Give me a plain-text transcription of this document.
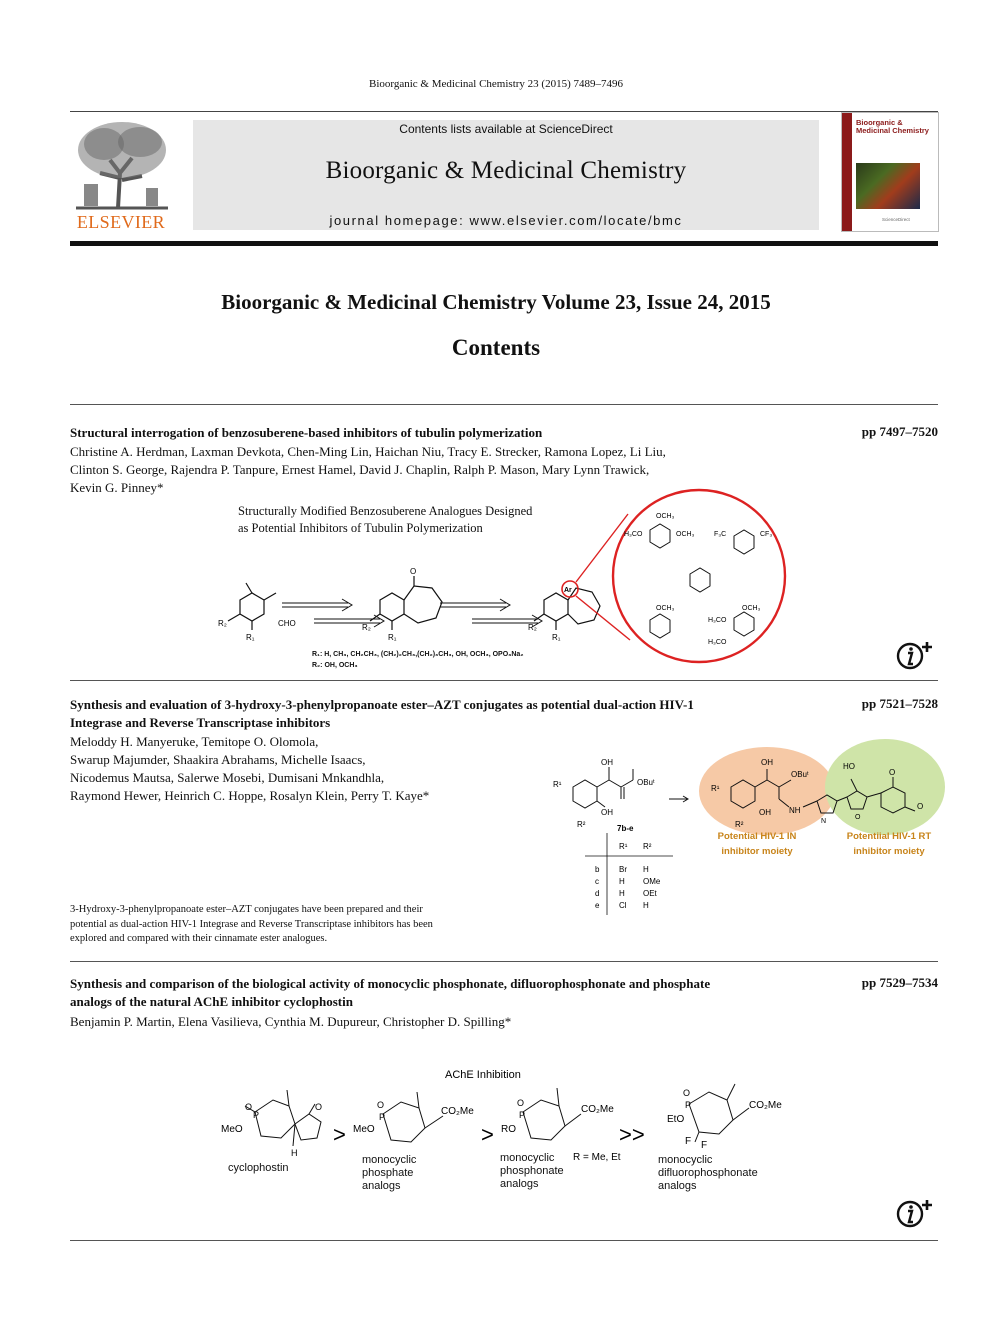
Bioorganic & Medicinal Chemistry 23 (2015) 7489–7496
ELSEVIER
Contents lists available at ScienceDirect
Bioorganic & Medicinal Chemistry
journal homepage: www.elsevier.com/locate/bmc
Bioorganic & Medicinal Chemistry
ScienceDirect
Bioorganic & Medicinal Chemistry Volume 23, Issue 24, 2015
Contents
Structural interrogation of benzosuberene-based inhibitors of tubulin polymerization	pp 7497–7520
Christine A. Herdman, Laxman Devkota, Chen-Ming Lin, Haichan Niu, Tracy E. Strecker, Ramona Lopez, Li Liu,
Clinton S. George, Rajendra P. Tanpure, Ernest Hamel, David J. Chaplin, Ralph P. Mason, Mary Lynn Trawick,
Kevin G. Pinney*
Structurally Modified Benzosuberene Analogues Designed
as Potential Inhibitors of Tubulin Polymerization
CHO
R₂
R₁
O
R₂
R₁
R₂
R₁
Ar
OCH₃
H₃CO	OCH₃	F₃C	CF₃
OCH₃	OCH₃
H₃CO
H₃CO
R₁: H, CH₃, CH₂CH₃, (CH₂)₂CH₃,(CH₂)₃CH₃, OH, OCH₃, OPO₃Na₂
R₂: OH, OCH₃
Synthesis and evaluation of 3-hydroxy-3-phenylpropanoate ester–AZT conjugates as potential dual-action HIV-1
Integrase and Reverse Transcriptase inhibitors
pp 7521–7528
Meloddy H. Manyeruke, Temitope O. Olomola,
Swarup Majumder, Shaakira Abrahams, Michelle Isaacs,
Nicodemus Mautsa, Salerwe Mosebi, Dumisani Mnkandhla,
Raymond Hewer, Heinrich C. Hoppe, Rosalyn Klein, Perry T. Kaye*
3-Hydroxy-3-phenylpropanoate ester–AZT conjugates have been prepared and their
potential as dual-action HIV-1 Integrase and Reverse Transcriptase inhibitors has been
explored and compared with their cinnamate ester analogues.
OH
OBuᵗ
OH
R¹
R²	7b-e
R¹ R²
b Br H
c	H OMe
d H OEt
e Cl H
OH
OBuᵗ
OH
R¹
R²
NH
N
HO
O
O
O
Potential HIV-1 IN
inhibitor moiety
Potentiial HIV-1 RT
inhibitor moiety
Synthesis and comparison of the biological activity of monocyclic phosphonate, difluorophosphonate and phosphate
analogs of the natural AChE inhibitor cyclophostin
pp 7529–7534
Benjamin P. Martin, Elena Vasilieva, Cynthia M. Dupureur, Christopher D. Spilling*
AChE Inhibition
O
P
MeO
O
H
>
O
P
MeO
CO₂Me
>
O
P
RO
CO₂Me
R = Me, Et
>>
O
P
EtO
CO₂Me
F F
cyclophostin
monocyclic
phosphate
analogs
monocyclic
phosphonate
analogs
monocyclic
difluorophosphonate
analogs
